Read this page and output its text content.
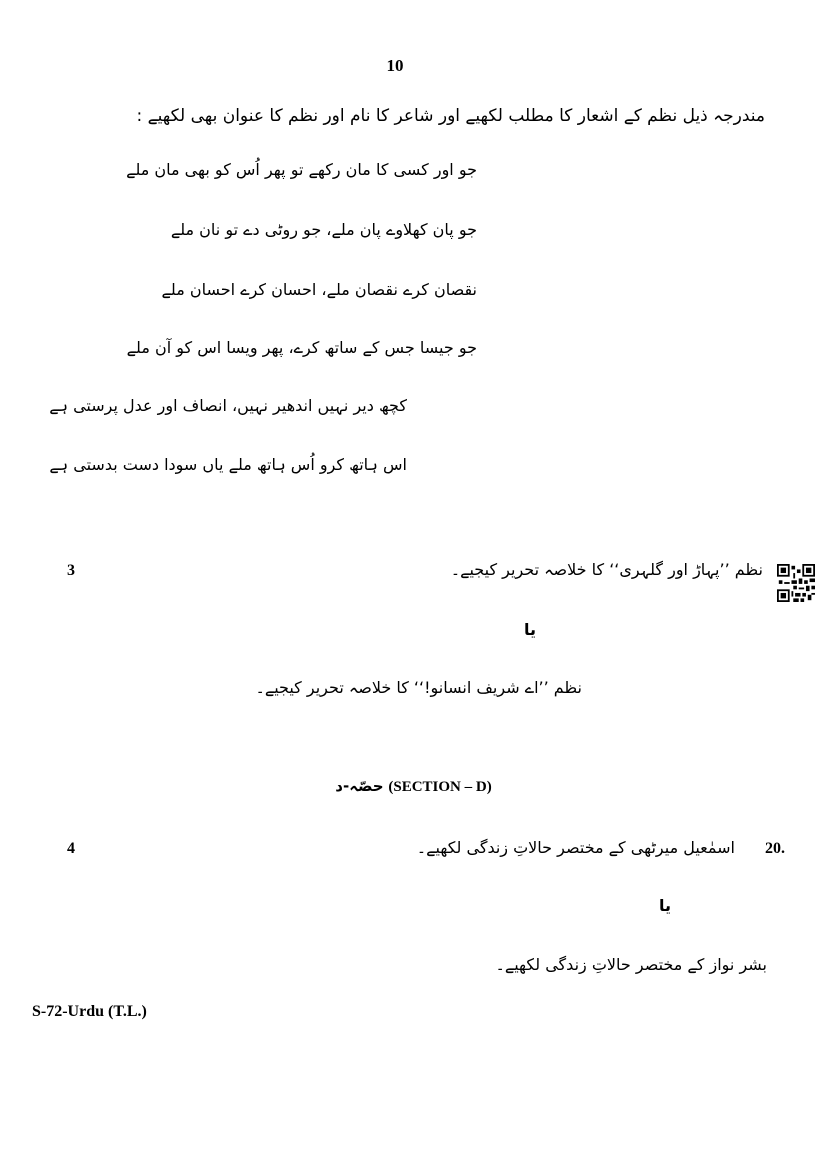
10
مندرجہ ذیل نظم کے اشعار کا مطلب لکھیے اور شاعر کا نام اور نظم کا عنوان بھی لکھیے :
جو اور کسی کا مان رکھے تو پھر اُس کو بھی مان ملے
جو پان کھلاوے پان ملے، جو روٹی دے تو نان ملے
نقصان کرے نقصان ملے، احسان کرے احسان ملے
جو جیسا جس کے ساتھ کرے، پھر ویسا اس کو آن ملے
کچھ دیر نہیں اندھیر نہیں، انصاف اور عدل پرستی ہے
اس ہاتھ کرو اُس ہاتھ ملے یاں سودا دست بدستی ہے
3	نظم ’’پہاڑ اور گلہری‘‘ کا خلاصہ تحریر کیجیے۔
یا
نظم ’’اے شریف انسانو!‘‘ کا خلاصہ تحریر کیجیے۔
حصّہ-د (SECTION – D)
4	20.
اسمٰعیل میرٹھی کے مختصر حالاتِ زندگی لکھیے۔
یا
بشر نواز کے مختصر حالاتِ زندگی لکھیے۔
S-72-Urdu (T.L.)
